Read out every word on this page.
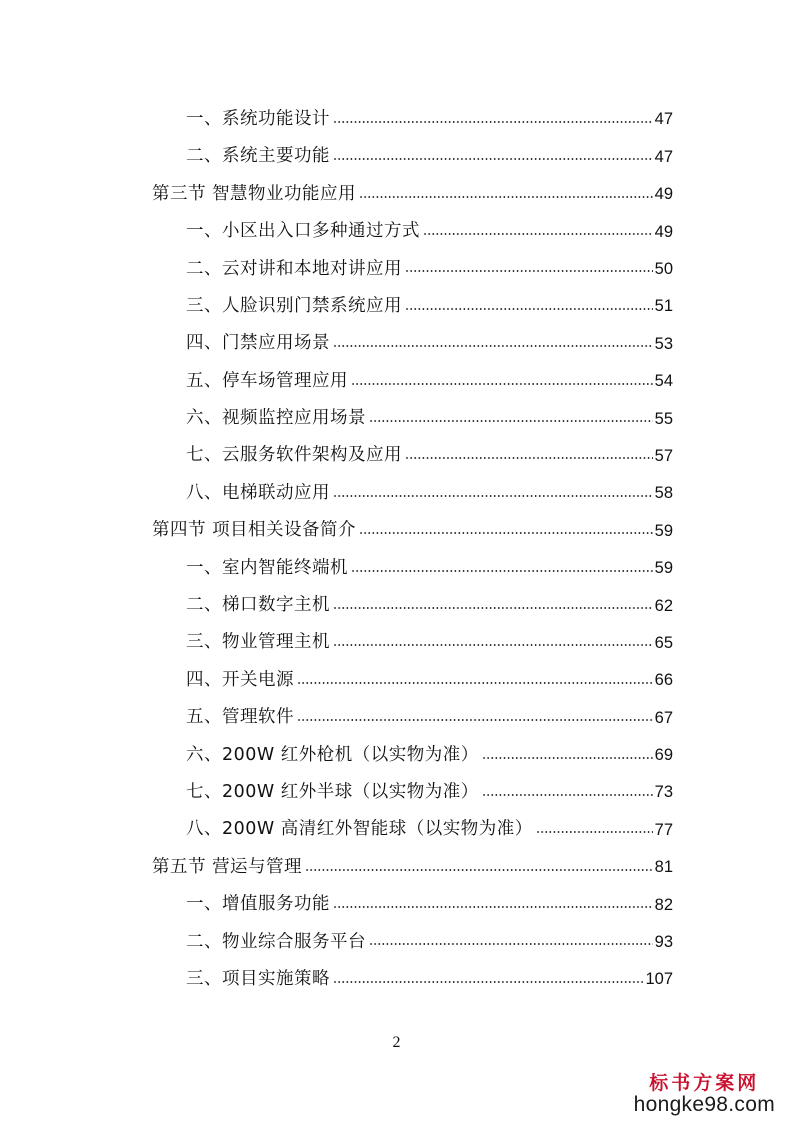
一、系统功能设计	47
二、系统主要功能	47
第三节 智慧物业功能应用	49
一、小区出入口多种通过方式	49
二、云对讲和本地对讲应用	50
三、人脸识别门禁系统应用	51
四、门禁应用场景	53
五、停车场管理应用	54
六、视频监控应用场景	55
七、云服务软件架构及应用	57
八、电梯联动应用	58
第四节 项目相关设备简介	59
一、室内智能终端机	59
二、梯口数字主机	62
三、物业管理主机	65
四、开关电源	66
五、管理软件	67
六、200W 红外枪机（以实物为准）	69
七、200W 红外半球（以实物为准）	73
八、200W 高清红外智能球（以实物为准）	77
第五节 营运与管理	81
一、增值服务功能	82
二、物业综合服务平台	93
三、项目实施策略	107
2
标书方案网
hongke98.com
